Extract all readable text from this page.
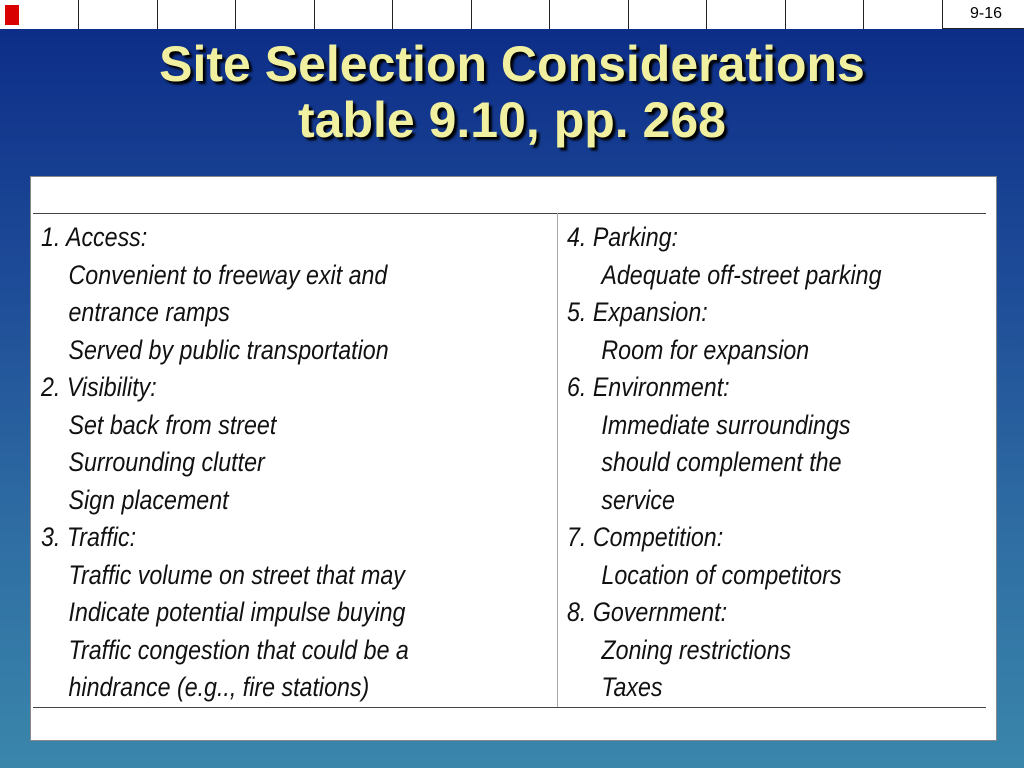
9-16
Site Selection Considerations
table 9.10, pp. 268
1. Access:
Convenient to freeway exit and
entrance ramps
Served by public transportation
2. Visibility:
Set back from street
Surrounding clutter
Sign placement
3. Traffic:
Traffic volume on street that may
Indicate potential impulse buying
Traffic congestion that could be a
hindrance (e.g.., fire stations)
4. Parking:
Adequate off-street parking
5. Expansion:
Room for expansion
6. Environment:
Immediate surroundings
should complement the
service
7. Competition:
Location of competitors
8. Government:
Zoning restrictions
Taxes
